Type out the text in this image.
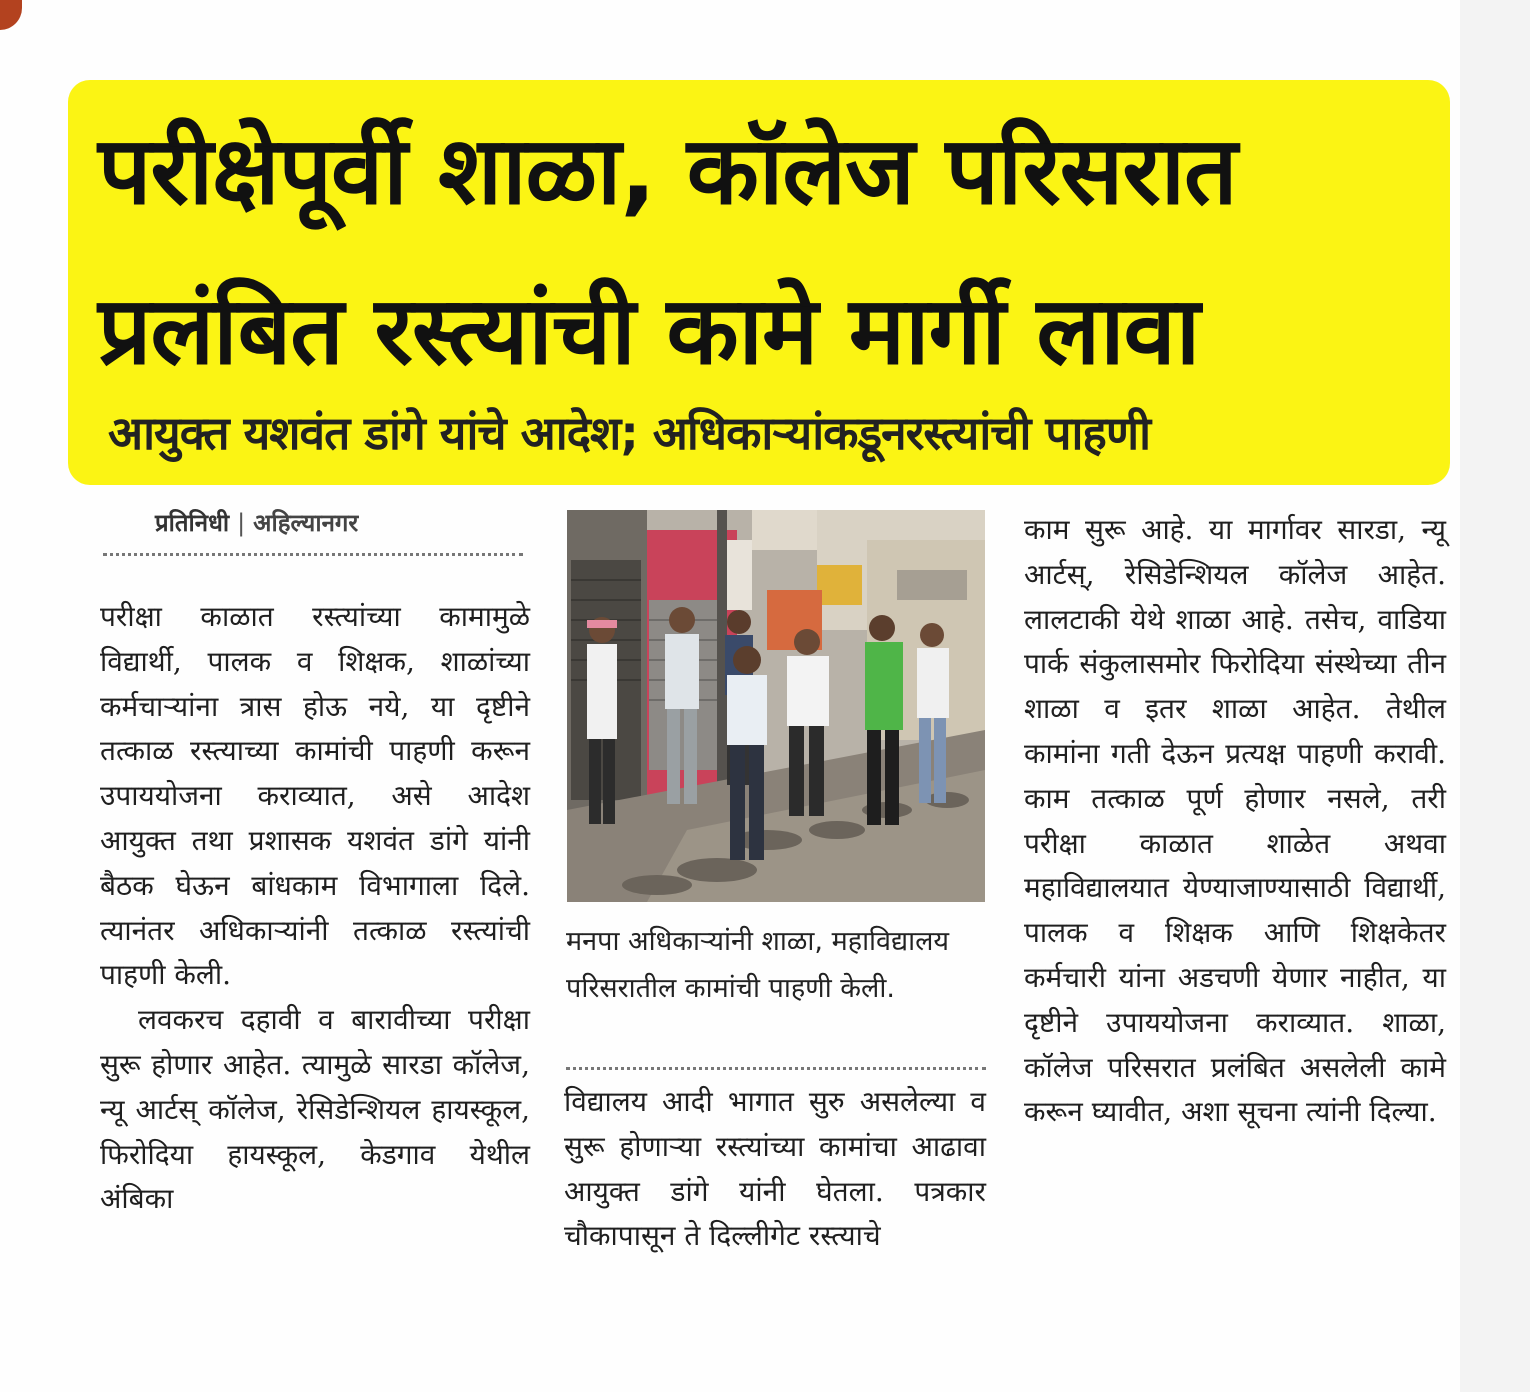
परीक्षेपूर्वी शाळा, कॉलेज परिसरात
प्रलंबित रस्त्यांची कामे मार्गी लावा
आयुक्त यशवंत डांगे यांचे आदेश; अधिकाऱ्यांकडूनरस्त्यांची पाहणी
प्रतिनिधी | अहिल्यानगर

परीक्षा काळात रस्त्यांच्या कामामुळे विद्यार्थी, पालक व शिक्षक, शाळांच्या कर्मचाऱ्यांना त्रास होऊ नये, या दृष्टीने तत्काळ रस्त्याच्या कामांची पाहणी करून उपाययोजना कराव्यात, असे आदेश आयुक्त तथा प्रशासक यशवंत डांगे यांनी बैठक घेऊन बांधकाम विभागाला दिले. त्यानंतर अधिकाऱ्यांनी तत्काळ रस्त्यांची पाहणी केली.

लवकरच दहावी व बारावीच्या परीक्षा सुरू होणार आहेत. त्यामुळे सारडा कॉलेज, न्यू आर्टस् कॉलेज, रेसिडेन्शियल हायस्कूल, फिरोदिया हायस्कूल, केडगाव येथील अंबिका

मनपा अधिकाऱ्यांनी शाळा, महाविद्यालय परिसरातील कामांची पाहणी केली.

विद्यालय आदी भागात सुरु असलेल्या व सुरू होणाऱ्या रस्त्यांच्या कामांचा आढावा आयुक्त डांगे यांनी घेतला. पत्रकार चौकापासून ते दिल्लीगेट रस्त्याचे

काम सुरू आहे. या मार्गावर सारडा, न्यू आर्टस्, रेसिडेन्शियल कॉलेज आहेत. लालटाकी येथे शाळा आहे. तसेच, वाडिया पार्क संकुलासमोर फिरोदिया संस्थेच्या तीन शाळा व इतर शाळा आहेत. तेथील कामांना गती देऊन प्रत्यक्ष पाहणी करावी. काम तत्काळ पूर्ण होणार नसले, तरी परीक्षा काळात शाळेत अथवा महाविद्यालयात येण्याजाण्यासाठी विद्यार्थी, पालक व शिक्षक आणि शिक्षकेतर कर्मचारी यांना अडचणी येणार नाहीत, या दृष्टीने उपाययोजना कराव्यात. शाळा, कॉलेज परिसरात प्रलंबित असलेली कामे करून घ्यावीत, अशा सूचना त्यांनी दिल्या.
